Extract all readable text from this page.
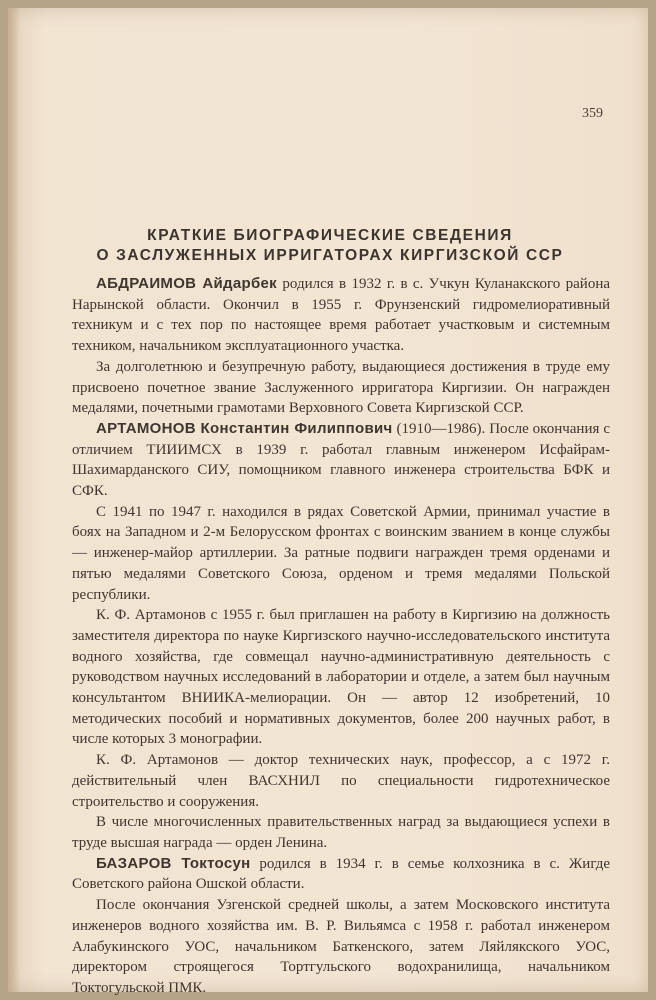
359
КРАТКИЕ БИОГРАФИЧЕСКИЕ СВЕДЕНИЯ
О ЗАСЛУЖЕННЫХ ИРРИГАТОРАХ КИРГИЗСКОЙ ССР

АБДРАИМОВ Айдарбек родился в 1932 г. в с. Учкун Куланакского района Нарынской области. Окончил в 1955 г. Фрунзенский гидромелиоративный техникум и с тех пор по настоящее время работает участковым и системным техником, начальником эксплуатационного участка.

За долголетнюю и безупречную работу, выдающиеся достижения в труде ему присвоено почетное звание Заслуженного ирригатора Киргизии. Он награжден медалями, почетными грамотами Верховного Совета Киргизской ССР.

АРТАМОНОВ Константин Филиппович (1910—1986). После окончания с отличием ТИИИМСХ в 1939 г. работал главным инженером Исфайрам-Шахимарданского СИУ, помощником главного инженера строительства БФК и СФК.

С 1941 по 1947 г. находился в рядах Советской Армии, принимал участие в боях на Западном и 2-м Белорусском фронтах с воинским званием в конце службы — инженер-майор артиллерии. За ратные подвиги награжден тремя орденами и пятью медалями Советского Союза, орденом и тремя медалями Польской республики.

К. Ф. Артамонов с 1955 г. был приглашен на работу в Киргизию на должность заместителя директора по науке Киргизского научно-исследовательского института водного хозяйства, где совмещал научно-административную деятельность с руководством научных исследований в лаборатории и отделе, а затем был научным консультантом ВНИИКА-мелиорации. Он — автор 12 изобретений, 10 методических пособий и нормативных документов, более 200 научных работ, в числе которых 3 монографии.

К. Ф. Артамонов — доктор технических наук, профессор, а с 1972 г. действительный член ВАСХНИЛ по специальности гидротехническое строительство и сооружения.

В числе многочисленных правительственных наград за выдающиеся успехи в труде высшая награда — орден Ленина.

БАЗАРОВ Токтосун родился в 1934 г. в семье колхозника в с. Жигде Советского района Ошской области.

После окончания Узгенской средней школы, а затем Московского института инженеров водного хозяйства им. В. Р. Вильямса с 1958 г. работал инженером Алабукинского УОС, начальником Баткенского, затем Ляйлякского УОС, директором строящегося Тортгульского водохранилища, начальником Токтогульской ПМК.
